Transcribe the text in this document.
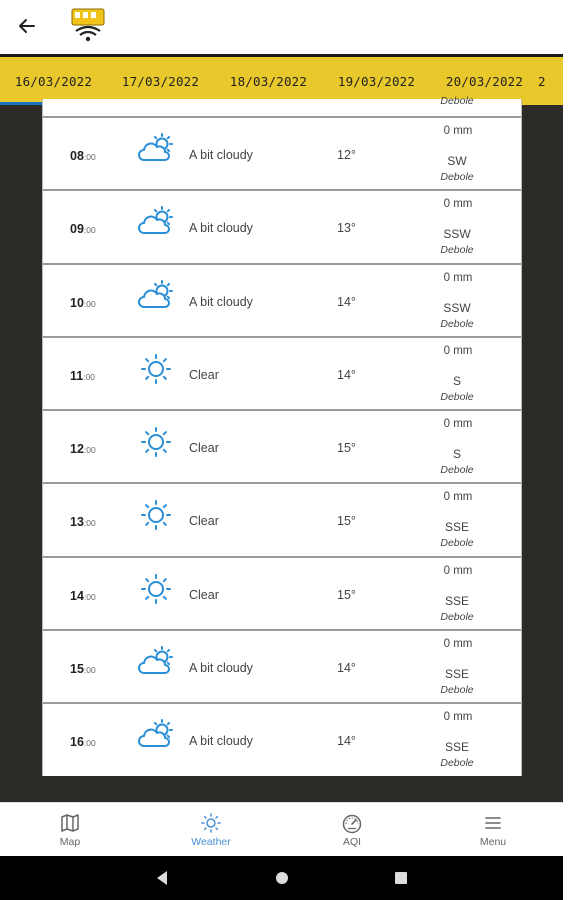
16/03/2022	17/03/2022	18/03/2022	19/03/2022	20/03/2022	2
Debole
08:00	A bit cloudy	12°
0 mm
SW
Debole
09:00	A bit cloudy	13°
0 mm
SSW
Debole
10:00	A bit cloudy	14°
0 mm
SSW
Debole
11:00	Clear	14°
0 mm
S
Debole
12:00	Clear	15°
0 mm
S
Debole
13:00	Clear	15°
0 mm
SSE
Debole
14:00	Clear	15°
0 mm
SSE
Debole
15:00	A bit cloudy	14°
0 mm
SSE
Debole
16:00	A bit cloudy	14°
0 mm
SSE
Debole
Map	Weather	AQI	Menu
